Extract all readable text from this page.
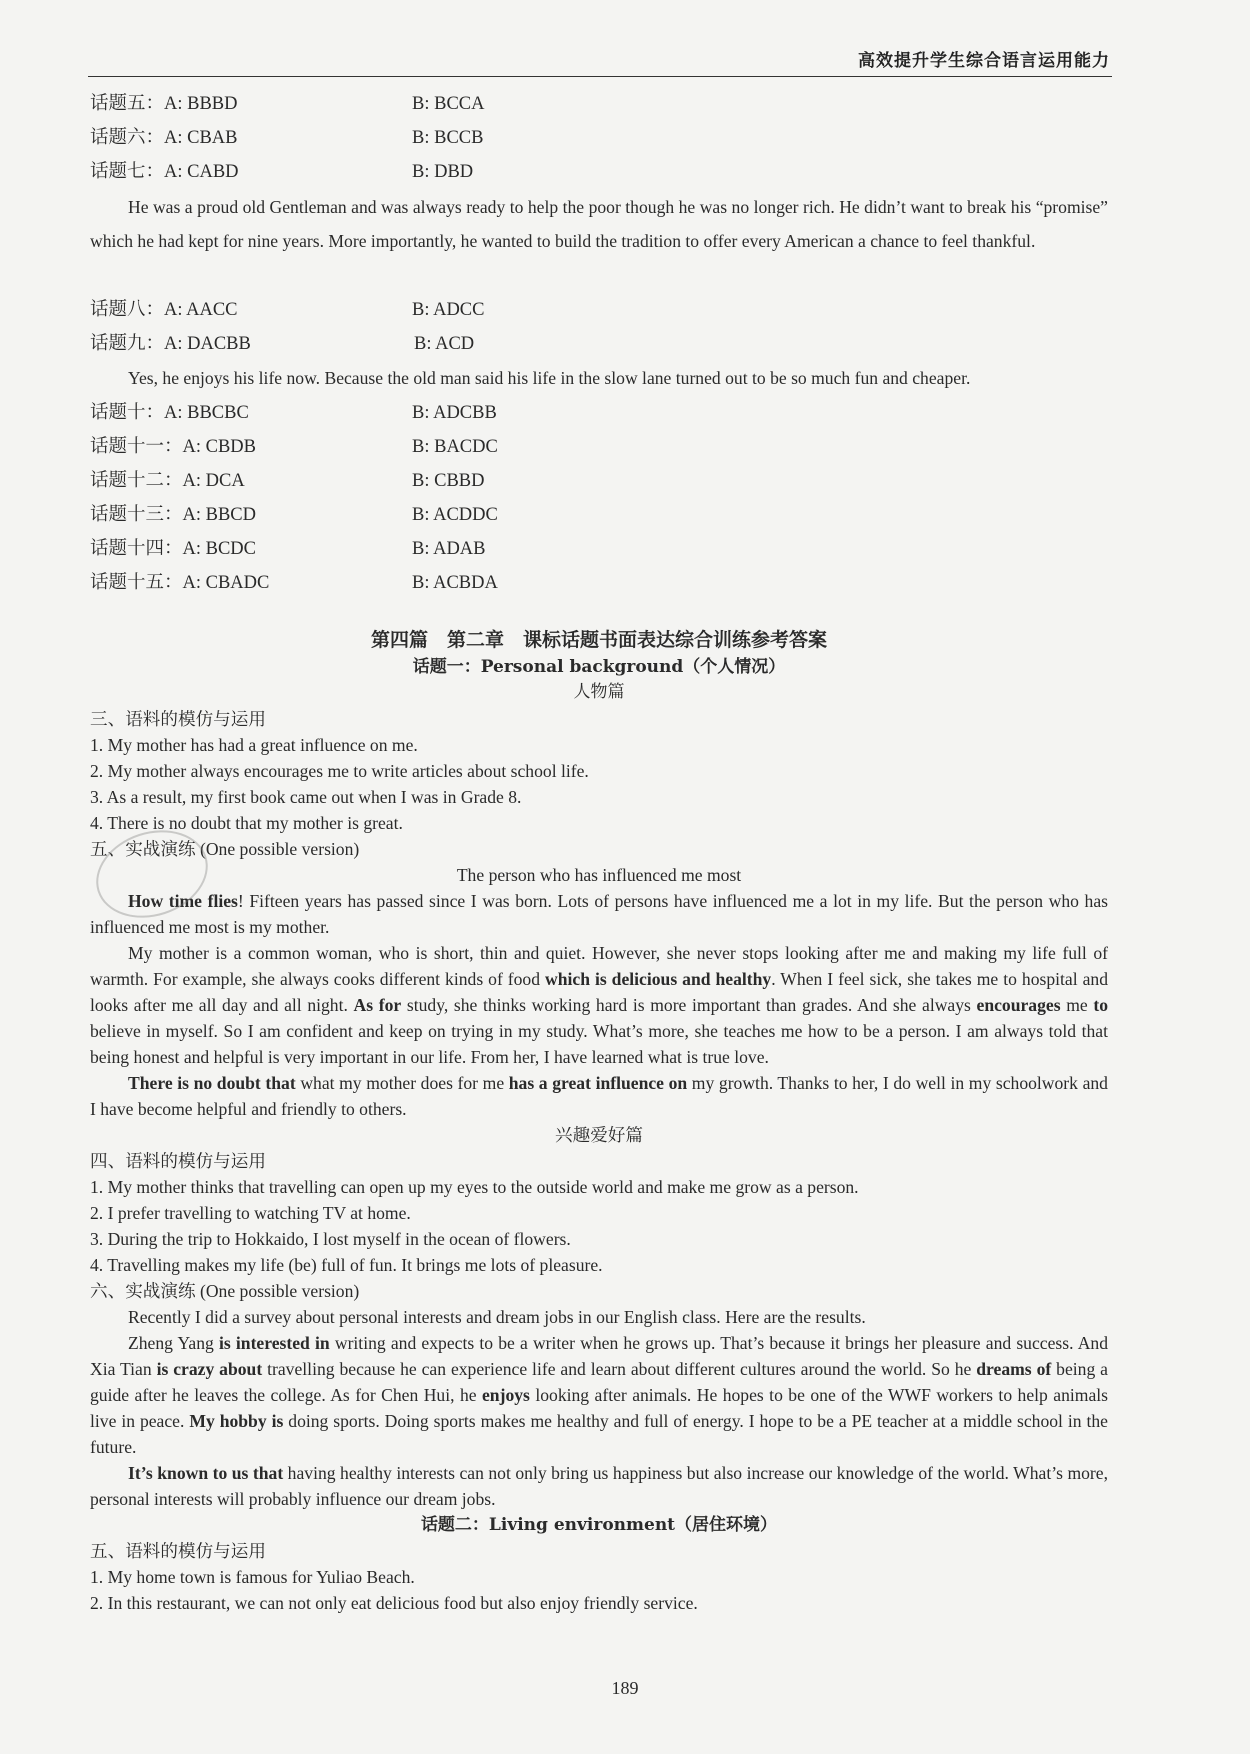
高效提升学生综合语言运用能力
话题五：A: BBBD	B: BCCA
话题六：A: CBAB	B: BCCB
话题七：A: CABD	B: DBD
He was a proud old Gentleman and was always ready to help the poor though he was no longer rich. He didn’t want to break his “promise” which he had kept for nine years. More importantly, he wanted to build the tradition to offer every American a chance to feel thankful.
话题八：A: AACC	B: ADCC
话题九：A: DACBB	B: ACD
Yes, he enjoys his life now. Because the old man said his life in the slow lane turned out to be so much fun and cheaper.
话题十：A: BBCBC	B: ADCBB
话题十一：A: CBDB	B: BACDC
话题十二：A: DCA	B: CBBD
话题十三：A: BBCD	B: ACDDC
话题十四：A: BCDC	B: ADAB
话题十五：A: CBADC	B: ACBDA
第四篇　第二章　课标话题书面表达综合训练参考答案
话题一：Personal background（个人情况）
人物篇

三、语料的模仿与运用

1. My mother has had a great influence on me.

2. My mother always encourages me to write articles about school life.

3. As a result, my first book came out when I was in Grade 8.

4. There is no doubt that my mother is great.

五、实战演练 (One possible version)

The person who has influenced me most

How time flies! Fifteen years has passed since I was born. Lots of persons have influenced me a lot in my life. But the person who has influenced me most is my mother.

My mother is a common woman, who is short, thin and quiet. However, she never stops looking after me and making my life full of warmth. For example, she always cooks different kinds of food which is delicious and healthy. When I feel sick, she takes me to hospital and looks after me all day and all night. As for study, she thinks working hard is more important than grades. And she always encourages me to believe in myself. So I am confident and keep on trying in my study. What’s more, she teaches me how to be a person. I am always told that being honest and helpful is very important in our life. From her, I have learned what is true love.

There is no doubt that what my mother does for me has a great influence on my growth. Thanks to her, I do well in my schoolwork and I have become helpful and friendly to others.

兴趣爱好篇

四、语料的模仿与运用

1. My mother thinks that travelling can open up my eyes to the outside world and make me grow as a person.

2. I prefer travelling to watching TV at home.

3. During the trip to Hokkaido, I lost myself in the ocean of flowers.

4. Travelling makes my life (be) full of fun. It brings me lots of pleasure.

六、实战演练 (One possible version)

Recently I did a survey about personal interests and dream jobs in our English class. Here are the results.

Zheng Yang is interested in writing and expects to be a writer when he grows up. That’s because it brings her pleasure and success. And Xia Tian is crazy about travelling because he can experience life and learn about different cultures around the world. So he dreams of being a guide after he leaves the college. As for Chen Hui, he enjoys looking after animals. He hopes to be one of the WWF workers to help animals live in peace. My hobby is doing sports. Doing sports makes me healthy and full of energy. I hope to be a PE teacher at a middle school in the future.

It’s known to us that having healthy interests can not only bring us happiness but also increase our knowledge of the world. What’s more, personal interests will probably influence our dream jobs.

话题二：Living environment（居住环境）

五、语料的模仿与运用

1. My home town is famous for Yuliao Beach.

2. In this restaurant, we can not only eat delicious food but also enjoy friendly service.

189
